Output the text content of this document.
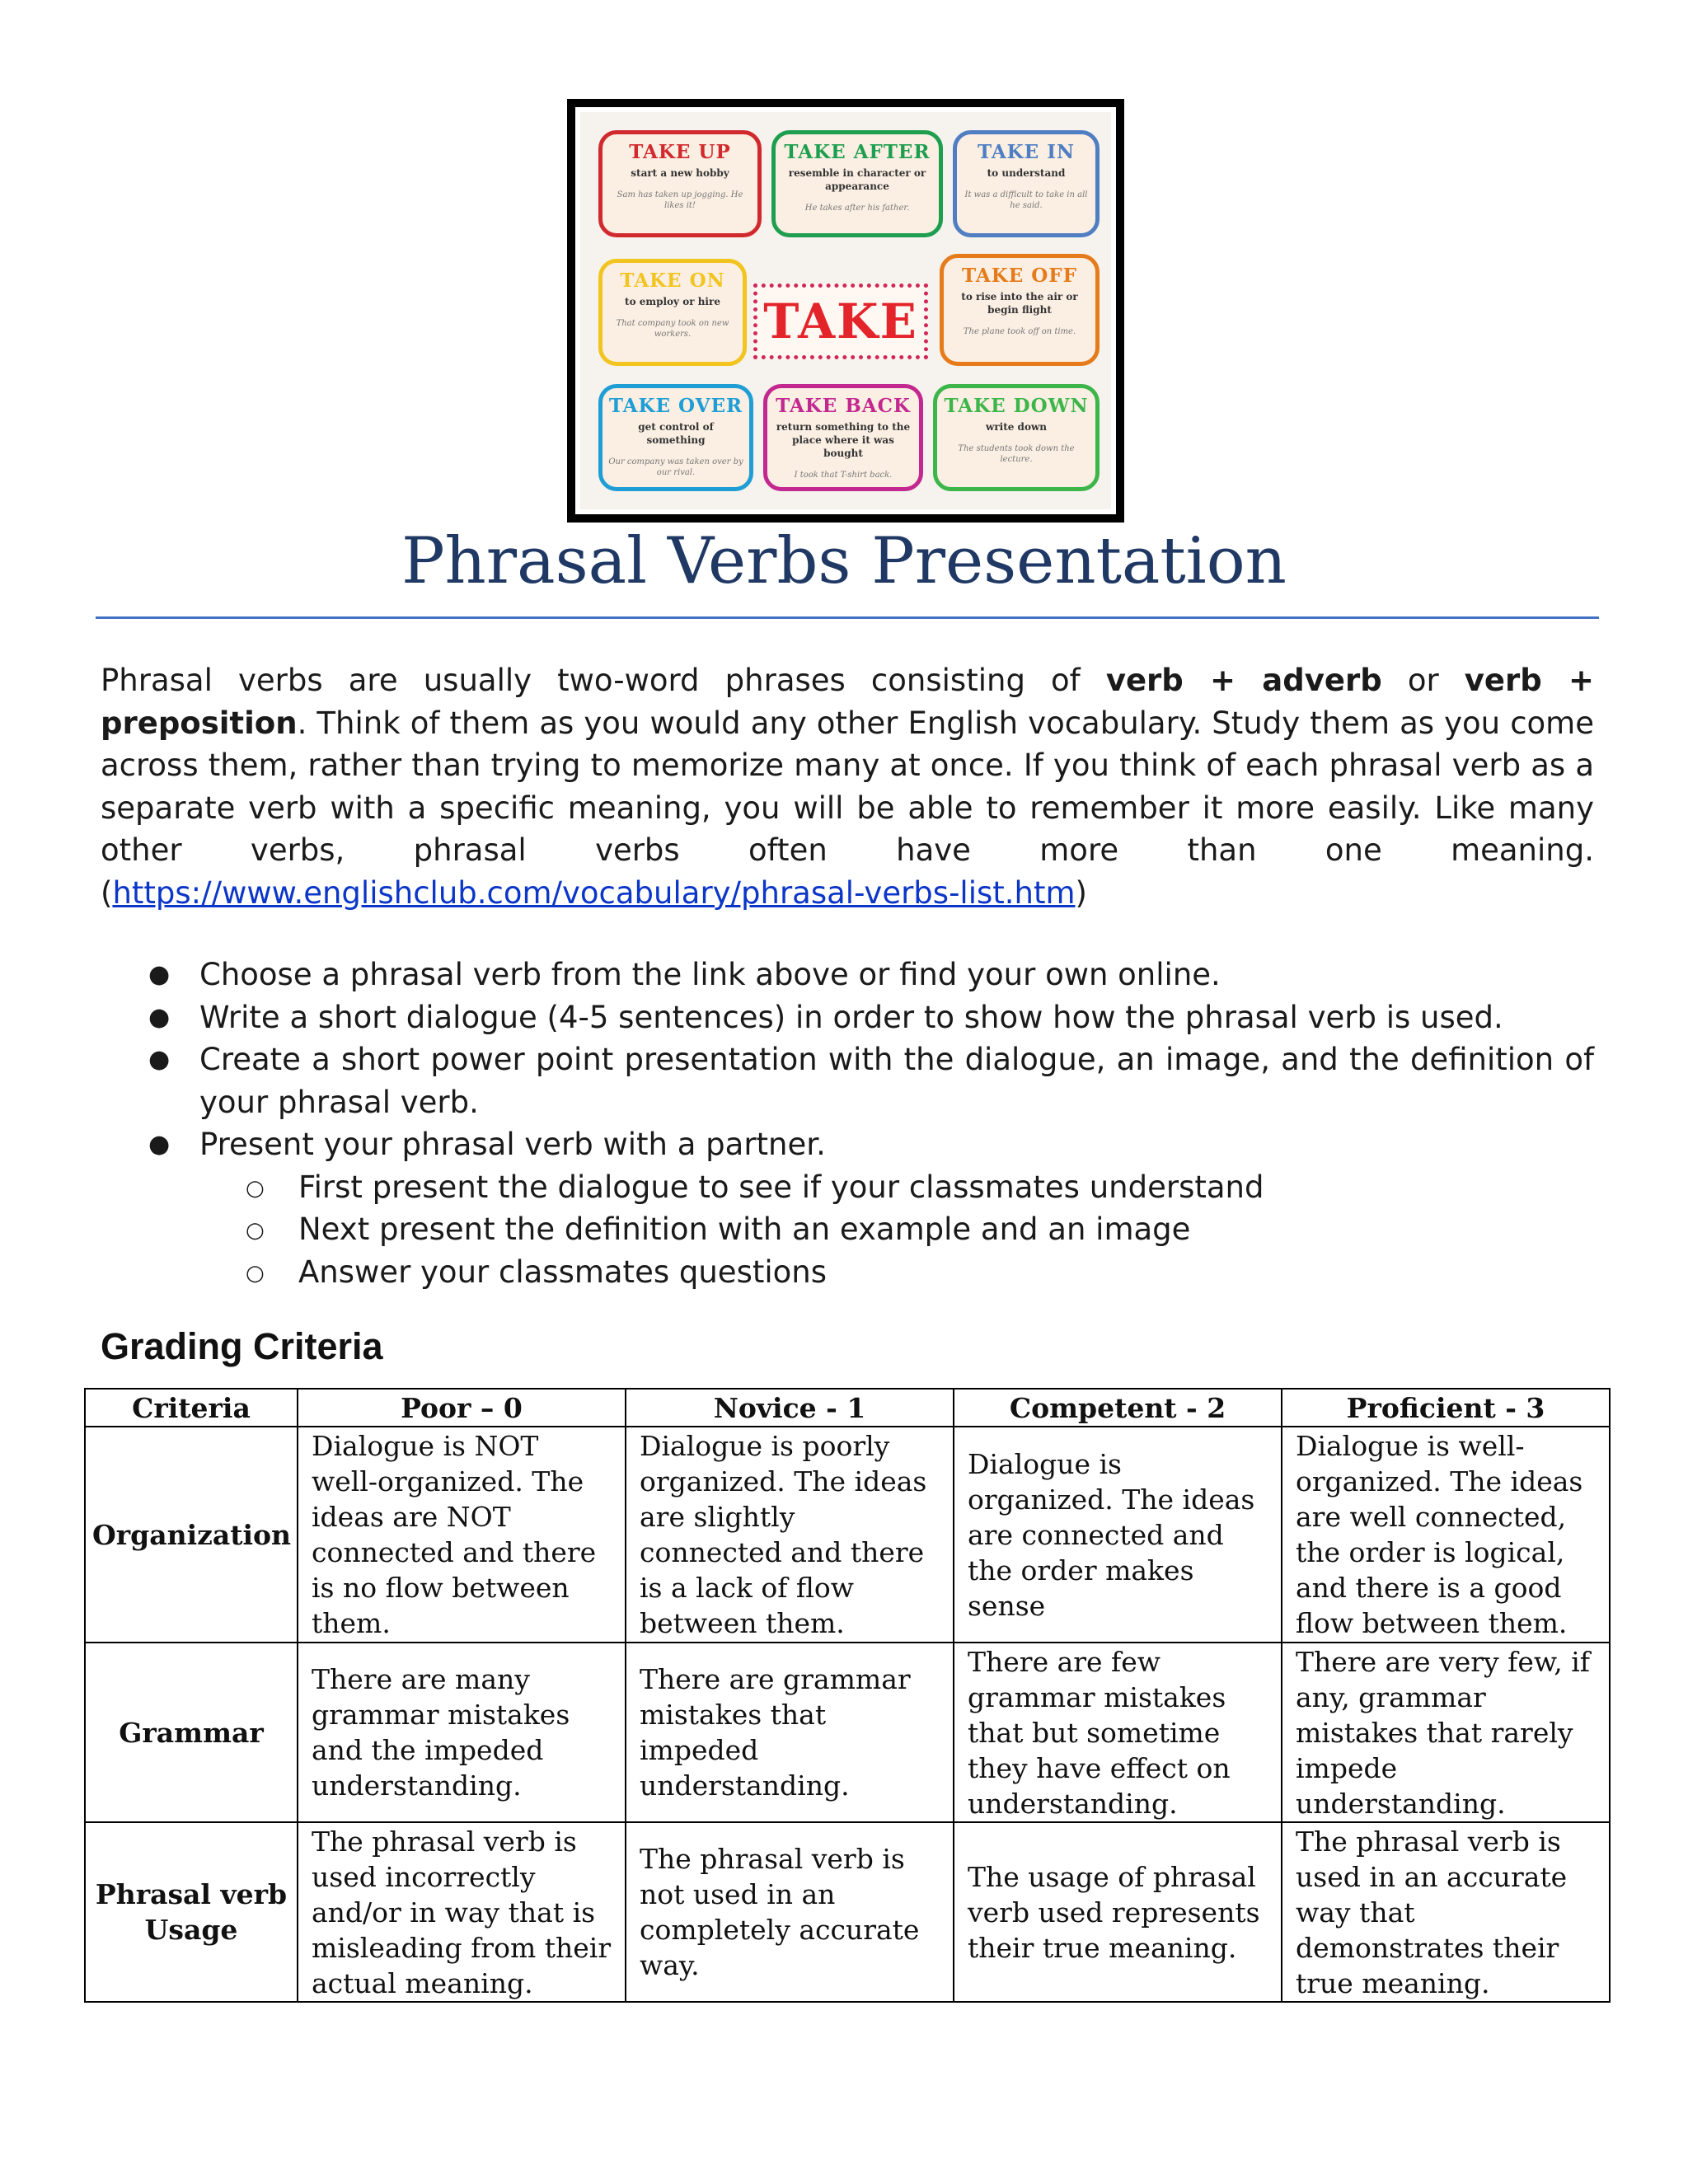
TAKE UP
start a new hobby
Sam has taken up jogging. He likes it!
TAKE AFTER
resemble in character or appearance
He takes after his father.
TAKE IN
to understand
It was a difficult to take in all he said.
TAKE ON
to employ or hire
That company took on new workers.	TAKE
TAKE OFF
to rise into the air or begin flight
The plane took off on time.
TAKE OVER
get control of something
Our company was taken over by our rival.
TAKE BACK
return something to the place where it was bought
I took that T-shirt back.
TAKE DOWN
write down
The students took down the lecture.
Phrasal Verbs Presentation

Phrasal verbs are usually two-word phrases consisting of verb + adverb or verb + preposition. Think of them as you would any other English vocabulary. Study them as you come across them, rather than trying to memorize many at once. If you think of each phrasal verb as a separate verb with a specific meaning, you will be able to remember it more easily. Like many other verbs, phrasal verbs often have more than one meaning. (https://www.englishclub.com/vocabulary/phrasal-verbs-list.htm)

● Choose a phrasal verb from the link above or find your own online.
● Write a short dialogue (4-5 sentences) in order to show how the phrasal verb is used.
● Create a short power point presentation with the dialogue, an image, and the definition of your phrasal verb.
● Present your phrasal verb with a partner.
○ First present the dialogue to see if your classmates understand
○ Next present the definition with an example and an image
○ Answer your classmates questions
Grading Criteria
Criteria	Poor – 0	Novice - 1	Competent - 2	Proficient - 3
Organization	Dialogue is NOT well-organized. The ideas are NOT connected and there is no flow between them.	Dialogue is poorly organized. The ideas are slightly connected and there is a lack of flow between them.	Dialogue is organized. The ideas are connected and the order makes sense	Dialogue is well-organized. The ideas are well connected, the order is logical, and there is a good flow between them.
Grammar	There are many grammar mistakes and the impeded understanding.	There are grammar mistakes that impeded understanding.	There are few grammar mistakes that but sometime they have effect on understanding.	There are very few, if any, grammar mistakes that rarely impede understanding.
Phrasal verb Usage	The phrasal verb is used incorrectly and/or in way that is misleading from their actual meaning.	The phrasal verb is not used in an completely accurate way.	The usage of phrasal verb used represents their true meaning.	The phrasal verb is used in an accurate way that demonstrates their true meaning.
